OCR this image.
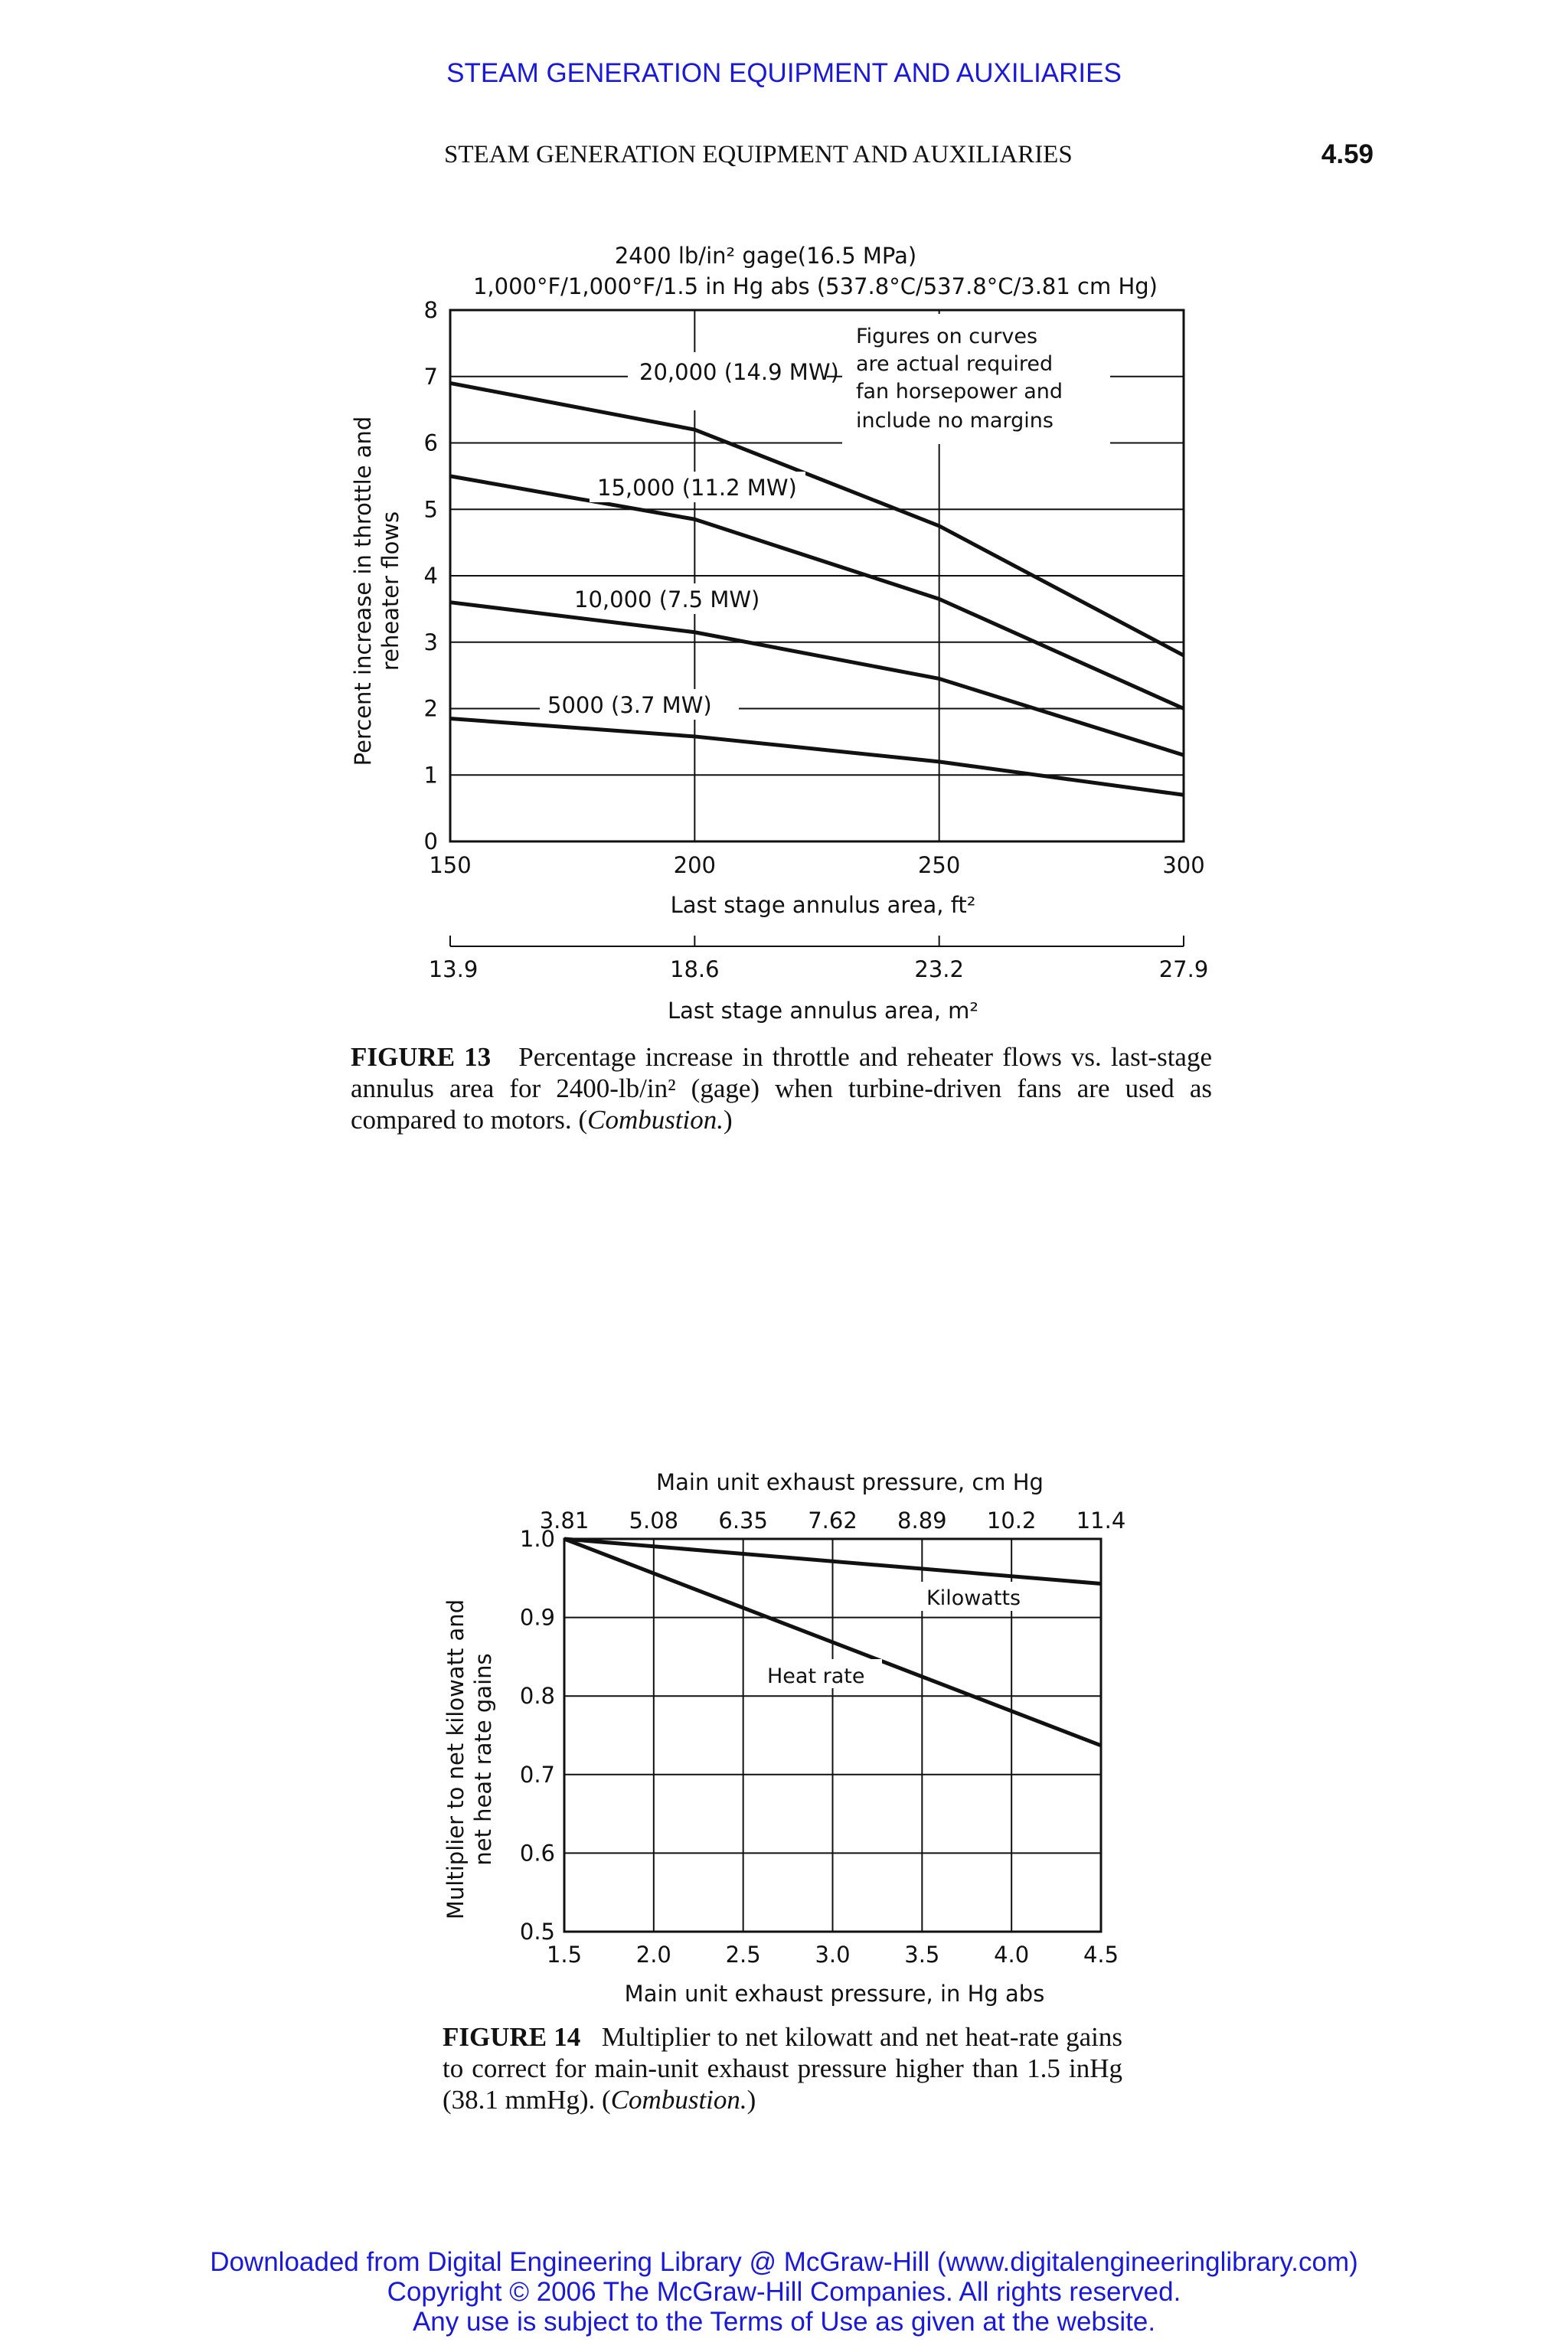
STEAM GENERATION EQUIPMENT AND AUXILIARIES
STEAM GENERATION EQUIPMENT AND AUXILIARIES	4.59
0
1
2
3
4
5
6
7
8
150	200	250	300
13.9	18.6	23.2	27.9
2400 lb/in² gage(16.5 MPa)
1,000°F/1,000°F/1.5 in Hg abs (537.8°C/537.8°C/3.81 cm Hg)
Figures on curves
are actual required
fan horsepower and
include no margins
20,000 (14.9 MW)
15,000 (11.2 MW)
10,000 (7.5 MW)
5000 (3.7 MW)
Last stage annulus area, ft²
Last stage annulus area, m²
Percent increase in throttle and reheater flows
FIGURE 13 Percentage increase in throttle and reheater flows vs. last-stage annulus area for 2400-lb/in² (gage) when turbine-driven fans are used as compared to motors. (Combustion.)
0.5
0.6
0.7
0.8
0.9
1.0
1.5
3.81
2.0
5.08
2.5
6.35
3.0
7.62
3.5
8.89
4.0
10.2
4.5
11.4
Main unit exhaust pressure, cm Hg
Kilowatts
Heat rate
Main unit exhaust pressure, in Hg abs
Multiplier to net kilowatt and net heat rate gains
FIGURE 14 Multiplier to net kilowatt and net heat-rate gains to correct for main-unit exhaust pressure higher than 1.5 inHg (38.1 mmHg). (Combustion.)
Downloaded from Digital Engineering Library @ McGraw-Hill (www.digitalengineeringlibrary.com)
Copyright © 2006 The McGraw-Hill Companies. All rights reserved.
Any use is subject to the Terms of Use as given at the website.
